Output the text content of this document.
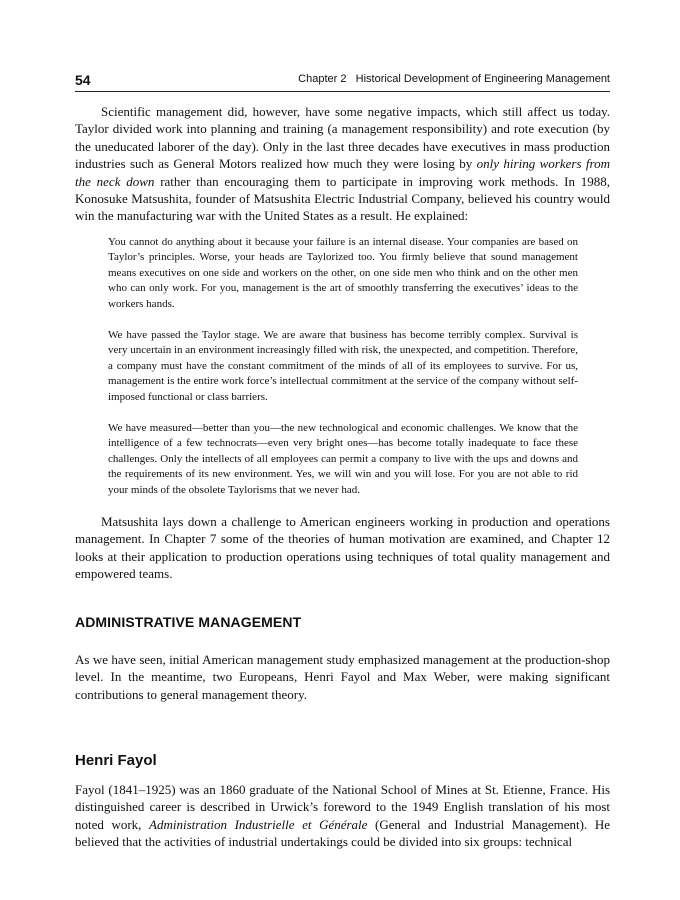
54	Chapter 2   Historical Development of Engineering Management

Scientific management did, however, have some negative impacts, which still affect us today. Taylor divided work into planning and training (a management responsibility) and rote execution (by the uneducated laborer of the day). Only in the last three decades have executives in mass production industries such as General Motors realized how much they were losing by only hiring workers from the neck down rather than encouraging them to participate in improving work methods. In 1988, Konosuke Matsushita, founder of Matsushita Electric Industrial Company, believed his country would win the manufacturing war with the United States as a result. He explained:

You cannot do anything about it because your failure is an internal disease. Your companies are based on Taylor’s principles. Worse, your heads are Taylorized too. You firmly believe that sound management means executives on one side and workers on the other, on one side men who think and on the other men who can only work. For you, management is the art of smoothly transferring the executives’ ideas to the workers hands.

We have passed the Taylor stage. We are aware that business has become terribly complex. Survival is very uncertain in an environment increasingly filled with risk, the unexpected, and competition. Therefore, a company must have the constant commitment of the minds of all of its employees to survive. For us, management is the entire work force’s intellectual commitment at the service of the company without self-imposed functional or class barriers.

We have measured—better than you—the new technological and economic challenges. We know that the intelligence of a few technocrats—even very bright ones—has become totally inadequate to face these challenges. Only the intellects of all employees can permit a company to live with the ups and downs and the requirements of its new environment. Yes, we will win and you will lose. For you are not able to rid your minds of the obsolete Taylorisms that we never had.

Matsushita lays down a challenge to American engineers working in production and operations management. In Chapter 7 some of the theories of human motivation are examined, and Chapter 12 looks at their application to production operations using techniques of total quality management and empowered teams.

ADMINISTRATIVE MANAGEMENT

As we have seen, initial American management study emphasized management at the production-shop level. In the meantime, two Europeans, Henri Fayol and Max Weber, were making significant contributions to general management theory.

Henri Fayol

Fayol (1841–1925) was an 1860 graduate of the National School of Mines at St. Etienne, France. His distinguished career is described in Urwick’s foreword to the 1949 English translation of his most noted work, Administration Industrielle et Générale (General and Industrial Management). He believed that the activities of industrial undertakings could be divided into six groups: technical
